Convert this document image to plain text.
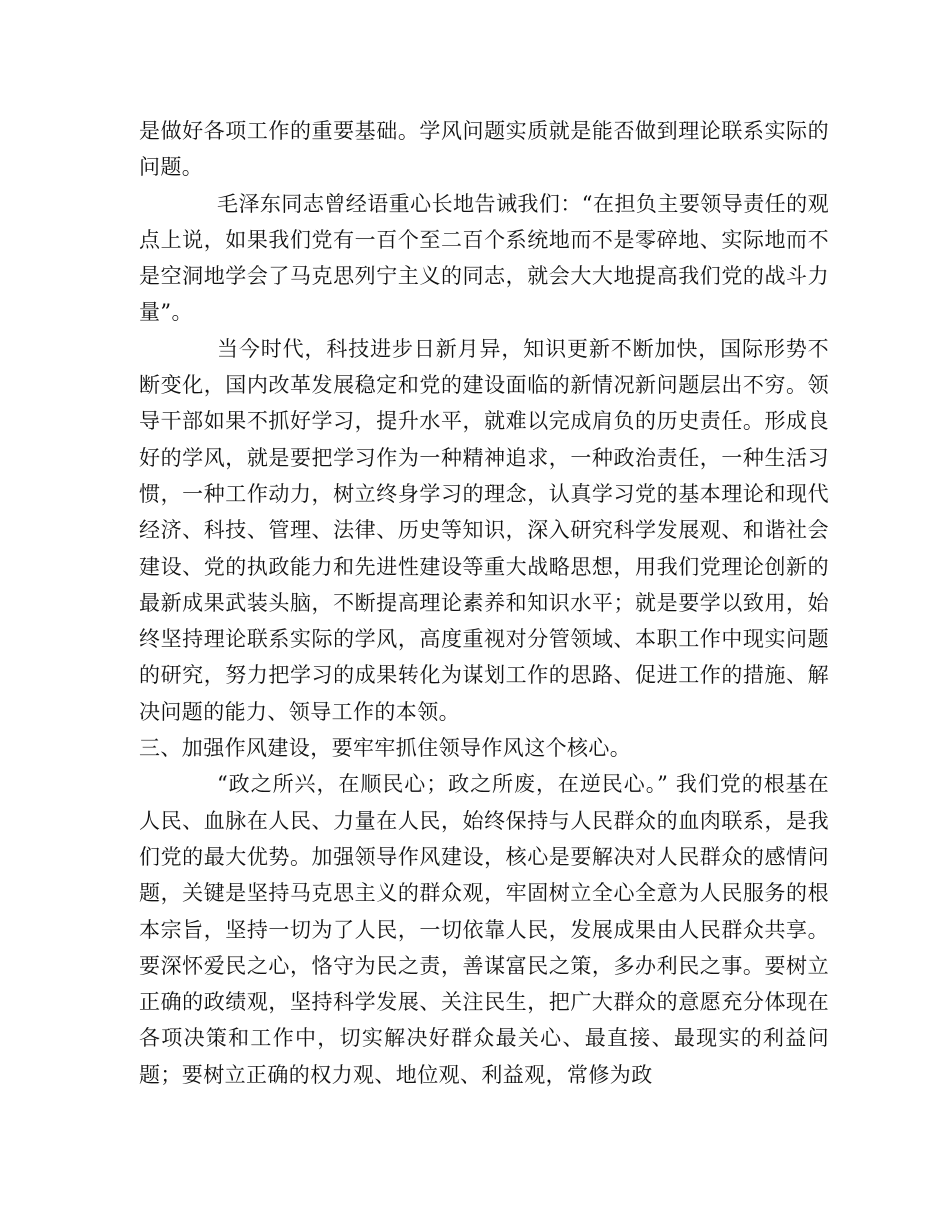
是做好各项工作的重要基础。学风问题实质就是能否做到理论联系实际的问题。

毛泽东同志曾经语重心长地告诫我们：“在担负主要领导责任的观点上说，如果我们党有一百个至二百个系统地而不是零碎地、实际地而不是空洞地学会了马克思列宁主义的同志，就会大大地提高我们党的战斗力量”。

当今时代，科技进步日新月异，知识更新不断加快，国际形势不断变化，国内改革发展稳定和党的建设面临的新情况新问题层出不穷。领导干部如果不抓好学习，提升水平，就难以完成肩负的历史责任。形成良好的学风，就是要把学习作为一种精神追求，一种政治责任，一种生活习惯，一种工作动力，树立终身学习的理念，认真学习党的基本理论和现代经济、科技、管理、法律、历史等知识，深入研究科学发展观、和谐社会建设、党的执政能力和先进性建设等重大战略思想，用我们党理论创新的最新成果武装头脑，不断提高理论素养和知识水平；就是要学以致用，始终坚持理论联系实际的学风，高度重视对分管领域、本职工作中现实问题的研究，努力把学习的成果转化为谋划工作的思路、促进工作的措施、解决问题的能力、领导工作的本领。

三、加强作风建设，要牢牢抓住领导作风这个核心。

“政之所兴，在顺民心；政之所废，在逆民心。” 我们党的根基在人民、血脉在人民、力量在人民，始终保持与人民群众的血肉联系，是我们党的最大优势。加强领导作风建设，核心是要解决对人民群众的感情问题，关键是坚持马克思主义的群众观，牢固树立全心全意为人民服务的根本宗旨，坚持一切为了人民，一切依靠人民，发展成果由人民群众共享。要深怀爱民之心，恪守为民之责，善谋富民之策，多办利民之事。要树立正确的政绩观，坚持科学发展、关注民生，把广大群众的意愿充分体现在各项决策和工作中，切实解决好群众最关心、最直接、最现实的利益问题；要树立正确的权力观、地位观、利益观，常修为政
